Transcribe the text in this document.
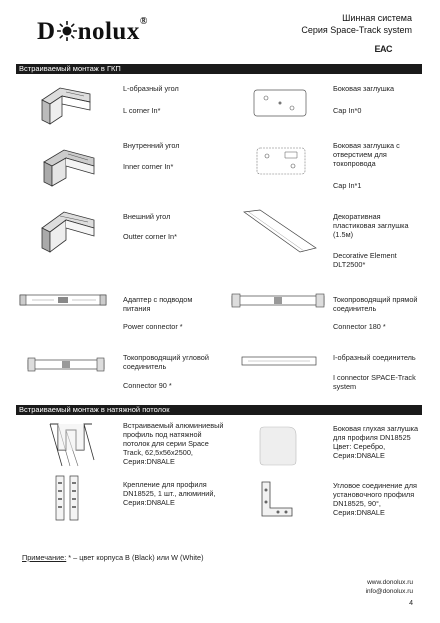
D nolux®	Шинная система
Серия Space-Track system
EAC
Встраиваемый монтаж в ГКП
L-образный угол
L corner In*
Боковая заглушка
Cap In*0
Внутренний угол
Inner corner In*
Боковая заглушка с
отверстием для
токопровода
Cap In*1
Внешний угол
Outter corner In*
Декоративная
пластиковая заглушка
(1.5м)
Decorative Element
DLT2500*
Адаптер с подводом
питания
Power connector *
Токопроводящий прямой
соединитель
Connector 180 *
Токопроводящий угловой
соединитель
Connector 90 *
I-образный соединитель
I connector SPACE-Track
system
Встраиваемый монтаж в натяжной потолок
Встраиваемый алюминиевый
профиль под натяжной
потолок для серии Space
Track, 62,5х56х2500,
Серия:DN8ALE
Боковая глухая заглушка
для профиля DN18525
Цвет: Серебро,
Серия:DN8ALE
Крепление для профиля
DN18525, 1 шт., алюминий,
Серия:DN8ALE
Угловое соединение для
установочного профиля
DN18525, 90°,
Серия:DN8ALE
Примечание: * – цвет корпуса B (Black) или W (White)
www.donolux.ru
info@donolux.ru
4
